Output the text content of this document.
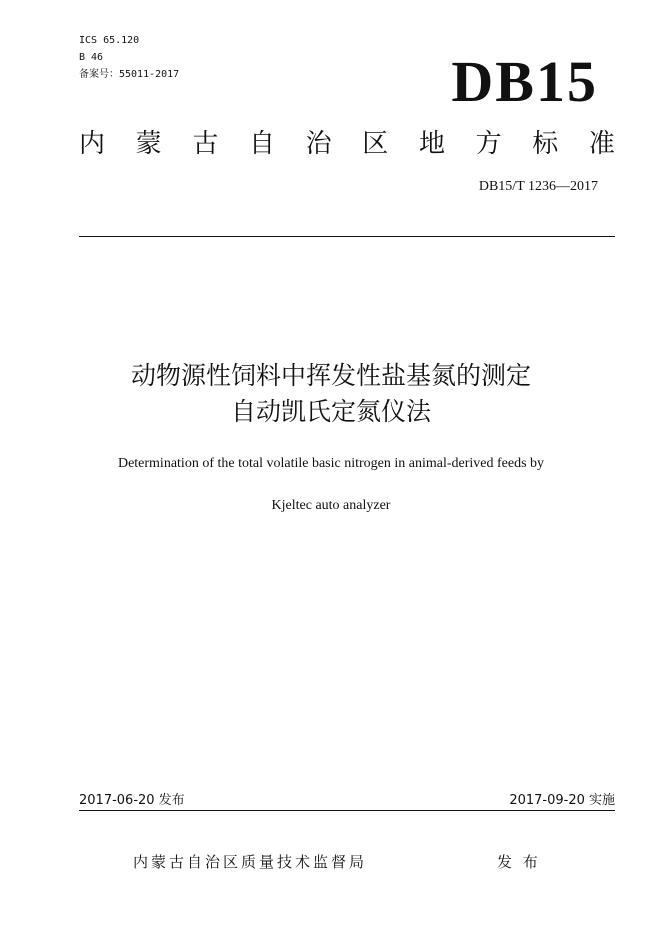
ICS 65.120
B 46
备案号：55011-2017	DB15
内 蒙 古 自 治 区 地 方 标 准
DB15/T 1236—2017
动物源性饲料中挥发性盐基氮的测定
自动凯氏定氮仪法
Determination of the total volatile basic nitrogen in animal-derived feeds by
Kjeltec auto analyzer
2017-06-20 发布	2017-09-20 实施
内蒙古自治区质量技术监督局	发 布
